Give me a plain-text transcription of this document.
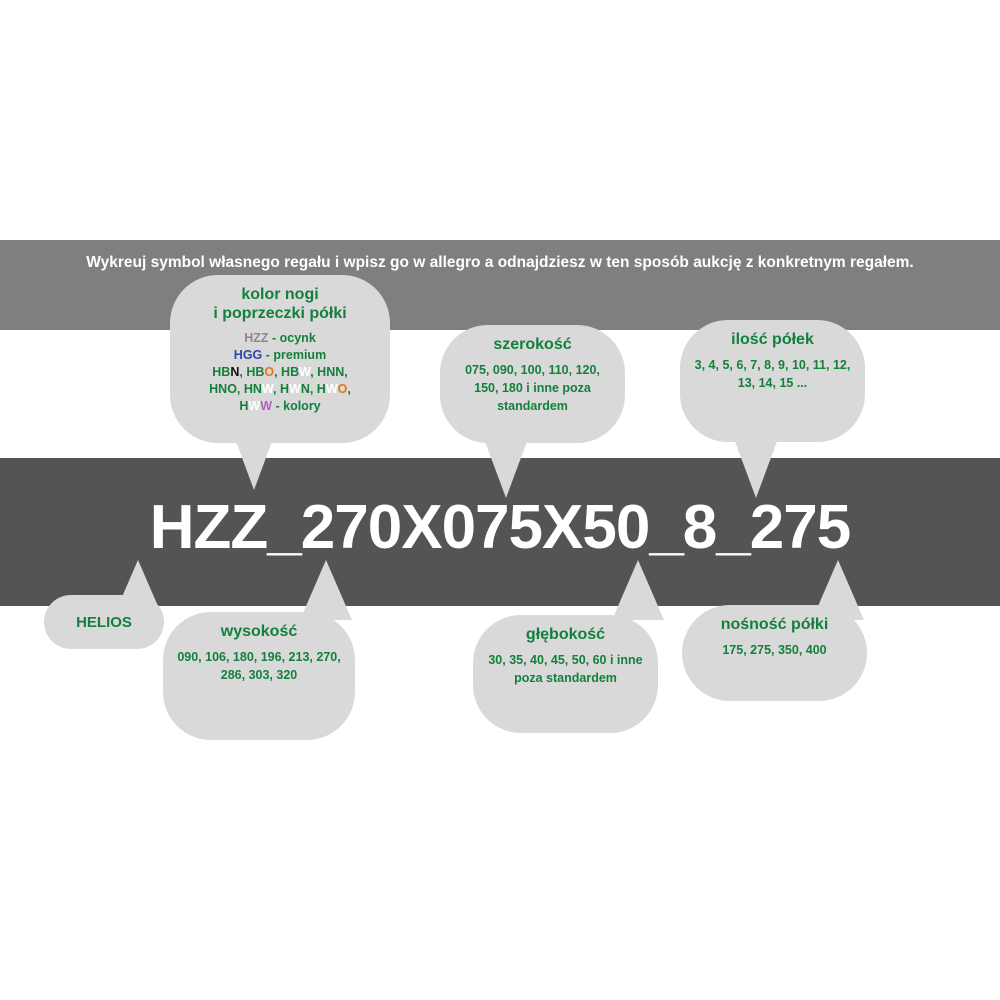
Wykreuj symbol własnego regału i wpisz go w allegro a odnajdziesz w ten sposób aukcję z konkretnym regałem.
HZZ_270X075X50_8_275
kolor nogi
i poprzeczki półki
HZZ - ocynk
HGG - premium
HBN, HBO, HBW, HNN,
HNO, HNW, HWN, HWO,
HWW - kolory
szerokość
075, 090, 100, 110, 120, 150, 180 i inne poza standardem
ilość półek
3, 4, 5, 6, 7, 8, 9, 10, 11, 12, 13, 14, 15 ...
HELIOS
wysokość
090, 106, 180, 196, 213, 270, 286, 303, 320
głębokość
30, 35, 40, 45, 50, 60 i inne poza standardem
nośność półki
175, 275, 350, 400
